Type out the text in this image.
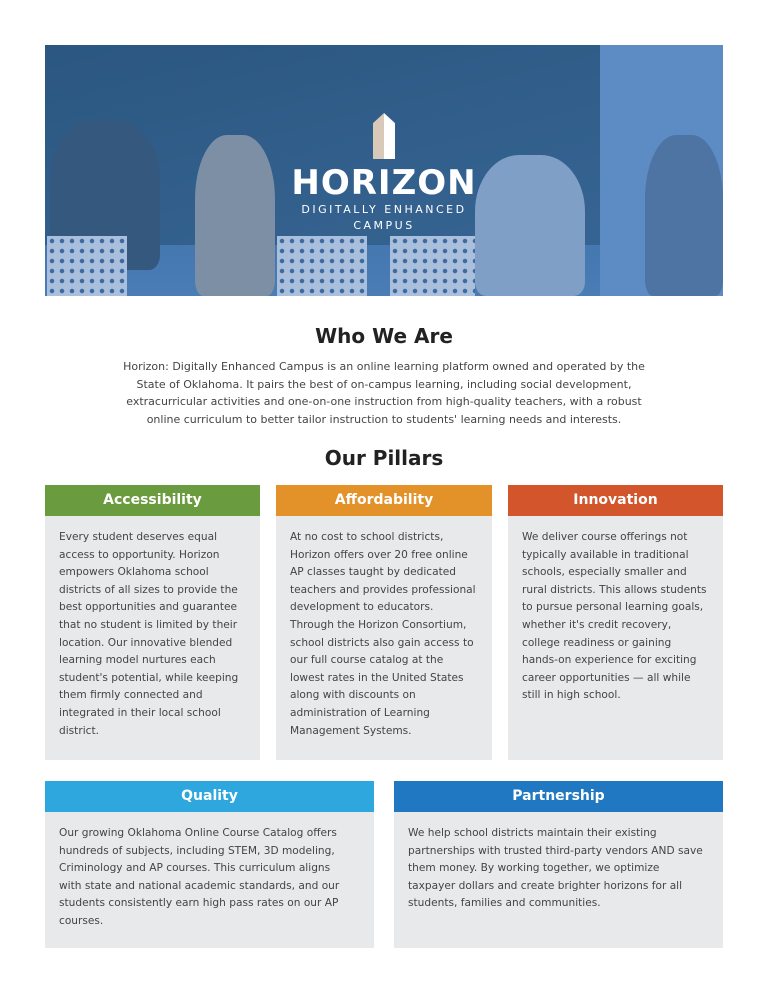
HORIZON
DIGITALLY ENHANCED
CAMPUS
Who We Are

Horizon: Digitally Enhanced Campus is an online learning platform owned and operated by the State of Oklahoma. It pairs the best of on-campus learning, including social development, extracurricular activities and one-on-one instruction from high-quality teachers, with a robust online curriculum to better tailor instruction to students' learning needs and interests.

Our Pillars
Accessibility
Every student deserves equal access to opportunity. Horizon empowers Oklahoma school districts of all sizes to provide the best opportunities and guarantee that no student is limited by their location. Our innovative blended learning model nurtures each student's potential, while keeping them firmly connected and integrated in their local school district.
Affordability
At no cost to school districts, Horizon offers over 20 free online AP classes taught by dedicated teachers and provides professional development to educators. Through the Horizon Consortium, school districts also gain access to our full course catalog at the lowest rates in the United States along with discounts on administration of Learning Management Systems.
Innovation
We deliver course offerings not typically available in traditional schools, especially smaller and rural districts. This allows students to pursue personal learning goals, whether it's credit recovery, college readiness or gaining hands-on experience for exciting career opportunities — all while still in high school.
Quality
Our growing Oklahoma Online Course Catalog offers hundreds of subjects, including STEM, 3D modeling, Criminology and AP courses. This curriculum aligns with state and national academic standards, and our students consistently earn high pass rates on our AP courses.
Partnership
We help school districts maintain their existing partnerships with trusted third-party vendors AND save them money. By working together, we optimize taxpayer dollars and create brighter horizons for all students, families and communities.
